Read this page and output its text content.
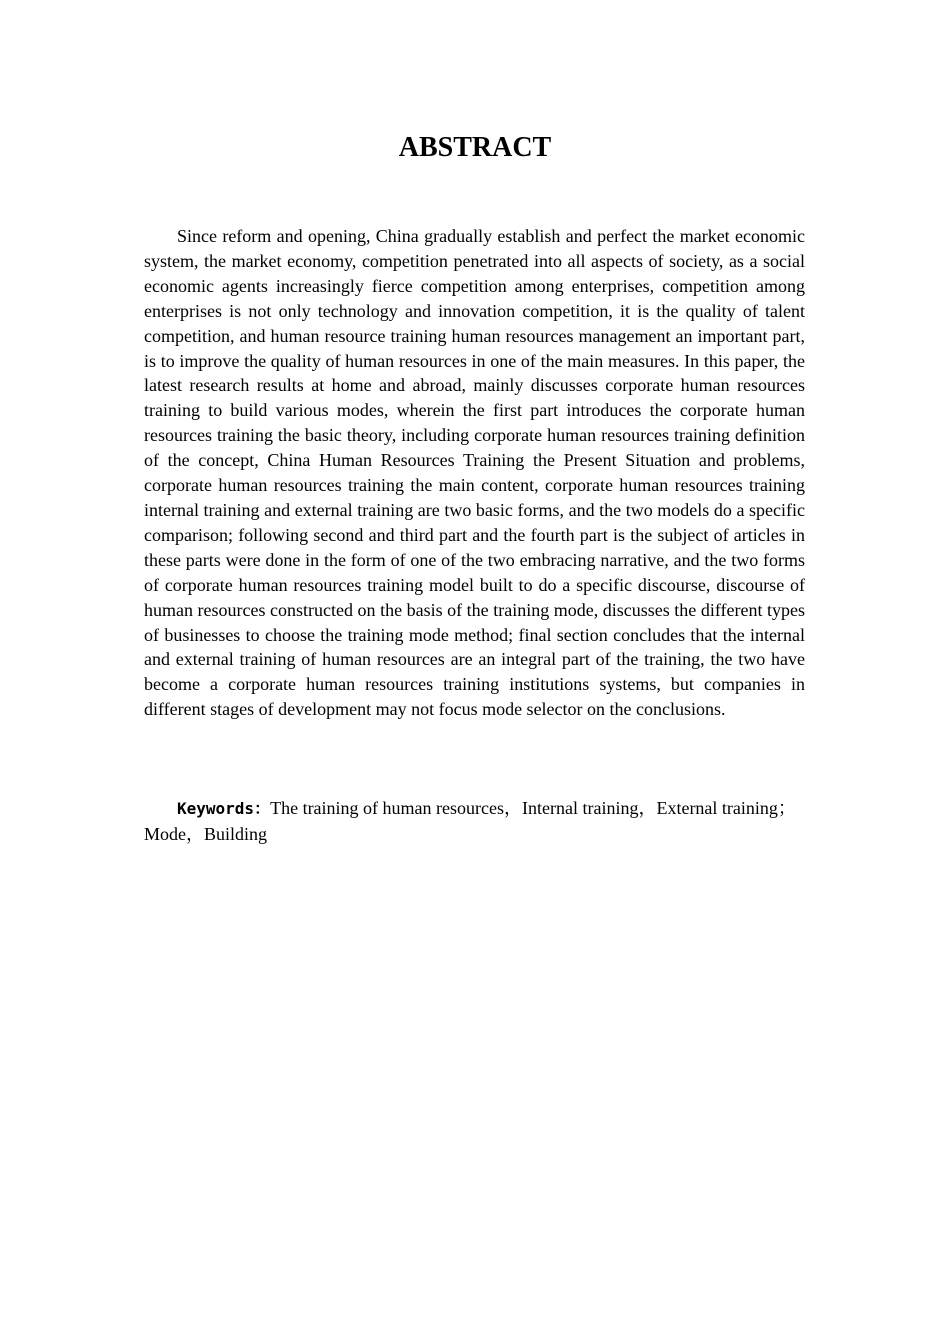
ABSTRACT

Since reform and opening, China gradually establish and perfect the market economic system, the market economy, competition penetrated into all aspects of society, as a social economic agents increasingly fierce competition among enterprises, competition among enterprises is not only technology and innovation competition, it is the quality of talent competition, and human resource training human resources management an important part, is to improve the quality of human resources in one of the main measures. In this paper, the latest research results at home and abroad, mainly discusses corporate human resources training to build various modes, wherein the first part introduces the corporate human resources training the basic theory, including corporate human resources training definition of the concept, China Human Resources Training the Present Situation and problems, corporate human resources training the main content, corporate human resources training internal training and external training are two basic forms, and the two models do a specific comparison; following second and third part and the fourth part is the subject of articles in these parts were done in the form of one of the two embracing narrative, and the two forms of corporate human resources training model built to do a specific discourse, discourse of human resources constructed on the basis of the training mode, discusses the different types of businesses to choose the training mode method; final section concludes that the internal and external training of human resources are an integral part of the training, the two have become a corporate human resources training institutions systems, but companies in different stages of development may not focus mode selector on the conclusions.

Keywords：The training of human resources，Internal training，External training；Mode，Building
